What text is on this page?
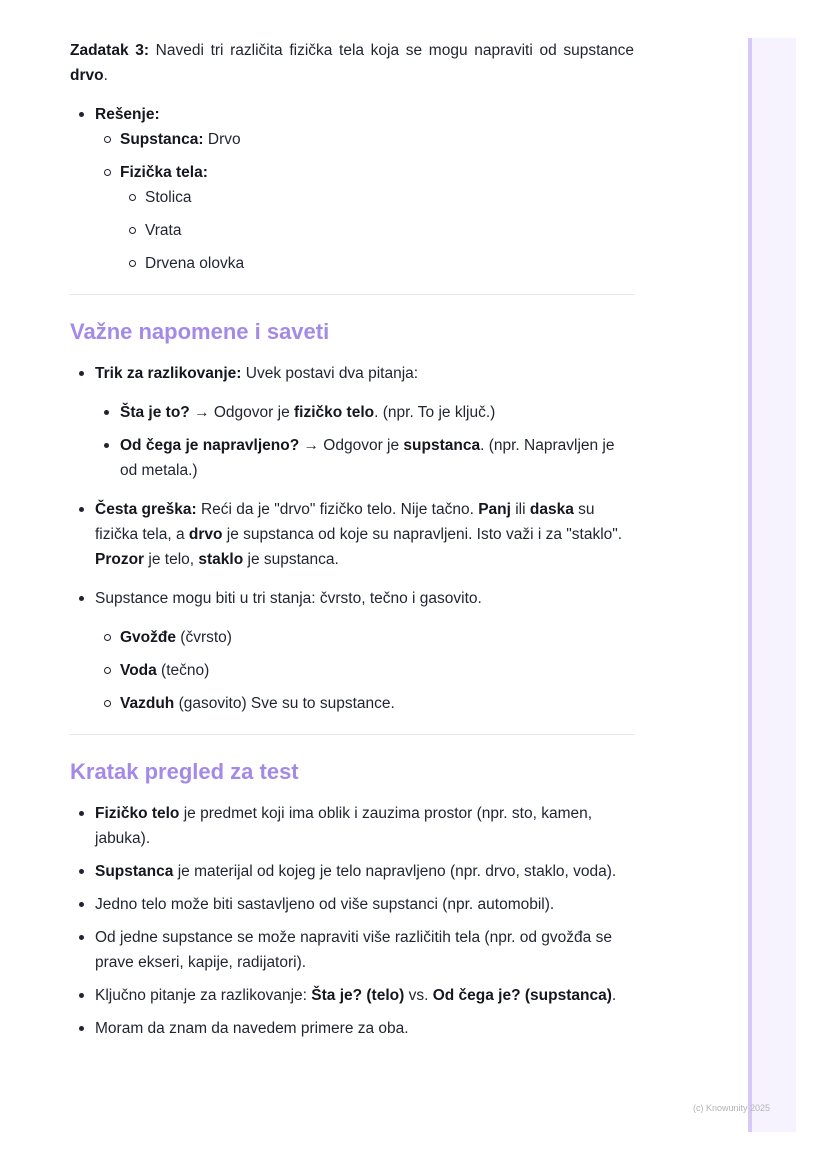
Zadatak 3: Navedi tri različita fizička tela koja se mogu napraviti od supstance drvo.

Rešenje:
Supstanca: Drvo
Fizička tela:
Stolica
Vrata
Drvena olovka
Važne napomene i saveti
Trik za razlikovanje: Uvek postavi dva pitanja:
Šta je to? → Odgovor je fizičko telo. (npr. To je ključ.)
Od čega je napravljeno? → Odgovor je supstanca. (npr. Napravljen je od metala.)
Česta greška: Reći da je "drvo" fizičko telo. Nije tačno. Panj ili daska su fizička tela, a drvo je supstanca od koje su napravljeni. Isto važi i za "staklo". Prozor je telo, staklo je supstanca.
Supstance mogu biti u tri stanja: čvrsto, tečno i gasovito.
Gvožđe (čvrsto)
Voda (tečno)
Vazduh (gasovito) Sve su to supstance.
Kratak pregled za test
Fizičko telo je predmet koji ima oblik i zauzima prostor (npr. sto, kamen, jabuka).
Supstanca je materijal od kojeg je telo napravljeno (npr. drvo, staklo, voda).
Jedno telo može biti sastavljeno od više supstanci (npr. automobil).
Od jedne supstance se može napraviti više različitih tela (npr. od gvožđa se prave ekseri, kapije, radijatori).
Ključno pitanje za razlikovanje: Šta je? (telo) vs. Od čega je? (supstanca).
Moram da znam da navedem primere za oba.
(c) Knowunity 2025
